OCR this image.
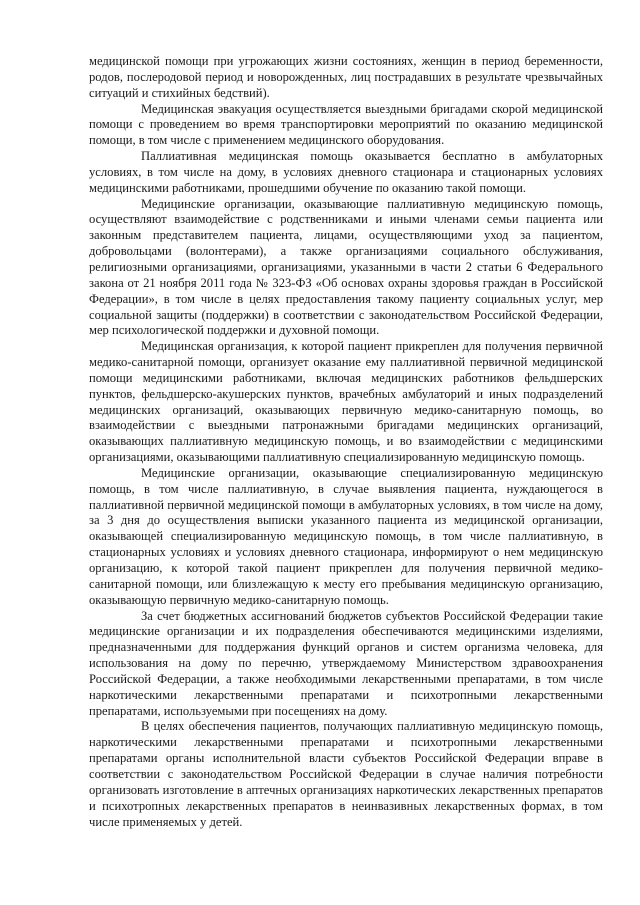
медицинской помощи при угрожающих жизни состояниях, женщин в период беременности, родов, послеродовой период и новорожденных, лиц пострадавших в результате чрезвычайных ситуаций и стихийных бедствий).

Медицинская эвакуация осуществляется выездными бригадами скорой медицинской помощи с проведением во время транспортировки мероприятий по оказанию медицинской помощи, в том числе с применением медицинского оборудования.

Паллиативная медицинская помощь оказывается бесплатно в амбулаторных условиях, в том числе на дому, в условиях дневного стационара и стационарных условиях медицинскими работниками, прошедшими обучение по оказанию такой помощи.

Медицинские организации, оказывающие паллиативную медицинскую помощь, осуществляют взаимодействие с родственниками и иными членами семьи пациента или законным представителем пациента, лицами, осуществляющими уход за пациентом, добровольцами (волонтерами), а также организациями социального обслуживания, религиозными организациями, организациями, указанными в части 2 статьи 6 Федерального закона от 21 ноября 2011 года № 323-ФЗ «Об основах охраны здоровья граждан в Российской Федерации», в том числе в целях предоставления такому пациенту социальных услуг, мер социальной защиты (поддержки) в соответствии с законодательством Российской Федерации, мер психологической поддержки и духовной помощи.

Медицинская организация, к которой пациент прикреплен для получения первичной медико-санитарной помощи, организует оказание ему паллиативной первичной медицинской помощи медицинскими работниками, включая медицинских работников фельдшерских пунктов, фельдшерско-акушерских пунктов, врачебных амбулаторий и иных подразделений медицинских организаций, оказывающих первичную медико-санитарную помощь, во взаимодействии с выездными патронажными бригадами медицинских организаций, оказывающих паллиативную медицинскую помощь, и во взаимодействии с медицинскими организациями, оказывающими паллиативную специализированную медицинскую помощь.

Медицинские организации, оказывающие специализированную медицинскую помощь, в том числе паллиативную, в случае выявления пациента, нуждающегося в паллиативной первичной медицинской помощи в амбулаторных условиях, в том числе на дому, за 3 дня до осуществления выписки указанного пациента из медицинской организации, оказывающей специализированную медицинскую помощь, в том числе паллиативную, в стационарных условиях и условиях дневного стационара, информируют о нем медицинскую организацию, к которой такой пациент прикреплен для получения первичной медико-санитарной помощи, или близлежащую к месту его пребывания медицинскую организацию, оказывающую первичную медико-санитарную помощь.

За счет бюджетных ассигнований бюджетов субъектов Российской Федерации такие медицинские организации и их подразделения обеспечиваются медицинскими изделиями, предназначенными для поддержания функций органов и систем организма человека, для использования на дому по перечню, утверждаемому Министерством здравоохранения Российской Федерации, а также необходимыми лекарственными препаратами, в том числе наркотическими лекарственными препаратами и психотропными лекарственными препаратами, используемыми при посещениях на дому.

В целях обеспечения пациентов, получающих паллиативную медицинскую помощь, наркотическими лекарственными препаратами и психотропными лекарственными препаратами органы исполнительной власти субъектов Российской Федерации вправе в соответствии с законодательством Российской Федерации в случае наличия потребности организовать изготовление в аптечных организациях наркотических лекарственных препаратов и психотропных лекарственных препаратов в неинвазивных лекарственных формах, в том числе применяемых у детей.
